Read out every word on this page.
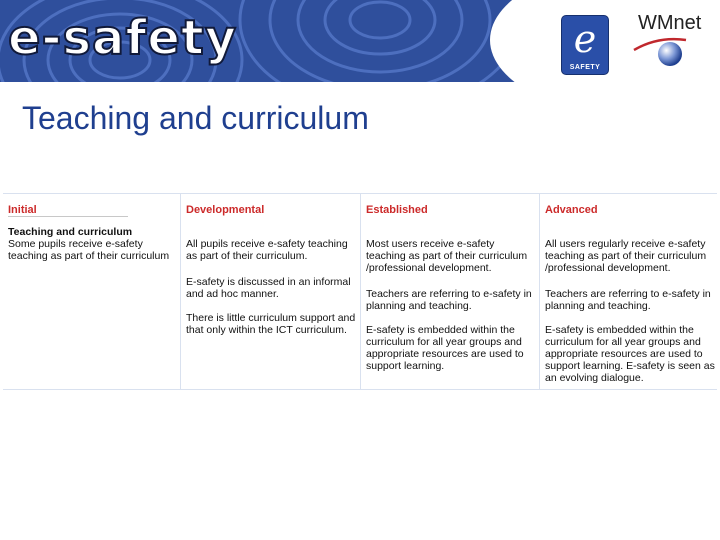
e-safety	e
SAFETY
WMnet
Teaching and curriculum
Initial
Teaching and curriculum
Some pupils receive e-safety teaching as part of their curriculum
Developmental
All pupils receive e-safety teaching as part of their curriculum.
E-safety is discussed in an informal and ad hoc manner.
There is little curriculum support and that only within the ICT curriculum.
Established
Most users receive e-safety teaching as part of their curriculum /professional development.
Teachers are referring to e-safety in planning and teaching.
E-safety is embedded within the curriculum for all year groups and appropriate resources are used to support learning.
Advanced
All users regularly receive e-safety teaching as part of their curriculum /professional development.
Teachers are referring to e-safety in planning and teaching.
E-safety is embedded within the curriculum for all year groups and appropriate resources are used to support learning. E-safety is seen as an evolving dialogue.
